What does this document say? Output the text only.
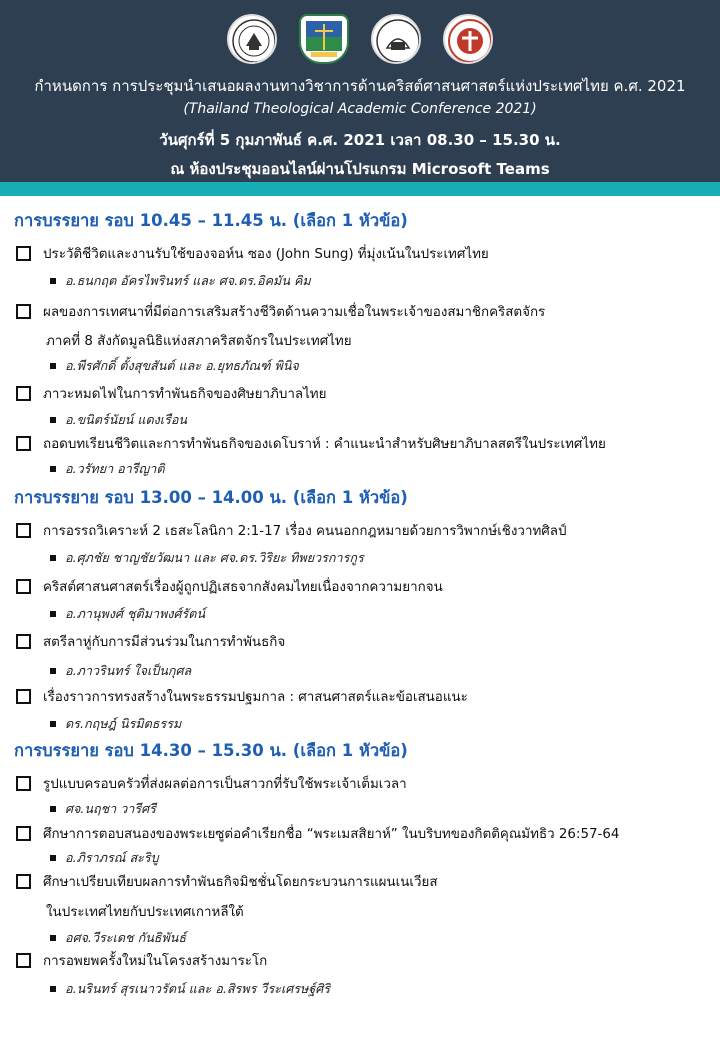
กำหนดการ การประชุมนำเสนอผลงานทางวิชาการด้านคริสต์ศาสนศาสตร์แห่งประเทศไทย ค.ศ. 2021
(Thailand Theological Academic Conference 2021)
วันศุกร์ที่ 5 กุมภาพันธ์ ค.ศ. 2021 เวลา 08.30 – 15.30 น.
ณ ห้องประชุมออนไลน์ผ่านโปรแกรม Microsoft Teams
การบรรยาย รอบ 10.45 – 11.45 น. (เลือก 1 หัวข้อ)
ประวัติชีวิตและงานรับใช้ของจอห์น ซอง (John Sung) ที่มุ่งเน้นในประเทศไทย
อ.ธนกฤต อัครไพรินทร์ และ ศจ.ดร.อิคมัน คิม
ผลของการเทศนาที่มีต่อการเสริมสร้างชีวิตด้านความเชื่อในพระเจ้าของสมาชิกคริสตจักร
ภาคที่ 8 สังกัดมูลนิธิแห่งสภาคริสตจักรในประเทศไทย
อ.พีรศักดิ์ ตั้งสุขสันต์ และ อ.ยุทธภัณฑ์ พินิจ
ภาวะหมดไฟในการทำพันธกิจของศิษยาภิบาลไทย
อ.ขนิตร์นัยน์ แดงเรือน
ถอดบทเรียนชีวิตและการทำพันธกิจของเดโบราห์ : คำแนะนำสำหรับศิษยาภิบาลสตรีในประเทศไทย
อ.วรัทยา อารีญาติ
การบรรยาย รอบ 13.00 – 14.00 น. (เลือก 1 หัวข้อ)
การอรรถวิเคราะห์ 2 เธสะโลนิกา 2:1-17 เรื่อง คนนอกกฎหมายด้วยการวิพากษ์เชิงวาทศิลป์
อ.ศุภชัย ชาญชัยวัฒนา และ ศจ.ดร.วิริยะ ทิพยวรการกูร
คริสต์ศาสนศาสตร์เรื่องผู้ถูกปฏิเสธจากสังคมไทยเนื่องจากความยากจน
อ.ภานุพงศ์ ชุติมาพงศ์รัตน์
สตรีลาหู่กับการมีส่วนร่วมในการทำพันธกิจ
อ.ภาวรินทร์ ใจเป็นกุศล
เรื่องราวการทรงสร้างในพระธรรมปฐมกาล : ศาสนศาสตร์และข้อเสนอแนะ
ดร.กฤษฎ์ นิรมิตธรรม
การบรรยาย รอบ 14.30 – 15.30 น. (เลือก 1 หัวข้อ)
รูปแบบครอบครัวที่ส่งผลต่อการเป็นสาวกที่รับใช้พระเจ้าเต็มเวลา
ศจ.นฤชา วารีศรี
ศึกษาการตอบสนองของพระเยซูต่อคำเรียกชื่อ “พระเมสสิยาห์” ในบริบทของกิตติคุณมัทธิว 26:57-64
อ.ภิราภรณ์ สะริบู
ศึกษาเปรียบเทียบผลการทำพันธกิจมิชชั่นโดยกระบวนการแผนเนเวียส
ในประเทศไทยกับประเทศเกาหลีใต้
อศจ.วีระเดช กันธิพันธ์
การอพยพครั้งใหม่ในโครงสร้างมาระโก
อ.นรินทร์ สุรเนาวรัตน์ และ อ.สิรพร วีระเศรษฐ์ศิริ
